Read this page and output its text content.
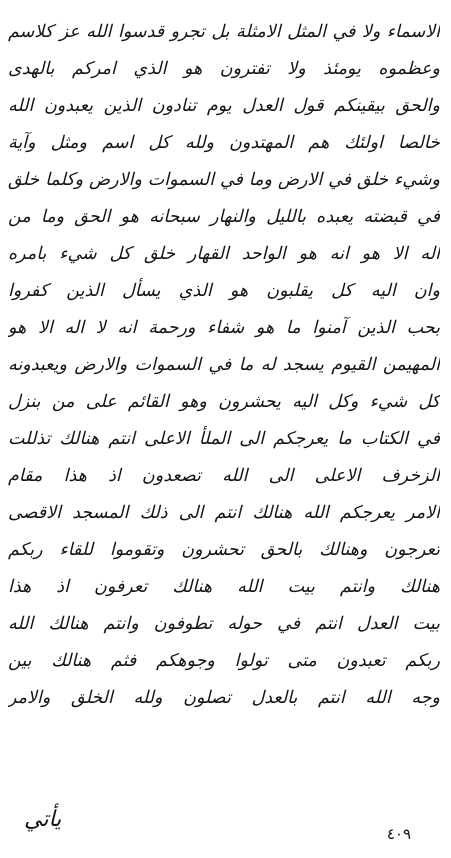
الاسماء ولا في المثل الامثلة بل تجرو قدسوا الله عز كلاسم
وعظموه يومئذ ولا تفترون هو الذي امركم بالهدى
والحق بيقينكم قول العدل يوم تنادون الذين يعبدون الله
خالصا اولئك هم المهتدون ولله كل اسم ومثل وآية
وشيء خلق في الارض وما في السموات والارض وكلما خلق
في قبضته يعبده بالليل والنهار سبحانه هو الحق وما من
اله الا هو انه هو الواحد القهار خلق كل شيء بامره
وان اليه كل يقلبون هو الذي يسأل الذين كفروا
بحب الذين آمنوا ما هو شفاء ورحمة انه لا اله الا هو
المهيمن القيوم يسجد له ما في السموات والارض ويعبدونه
كل شيء وكل اليه يحشرون وهو القائم على من بنزل
في الكتاب ما يعرجكم الى الملأ الاعلى انتم هنالك تذللت
الزخرف الاعلى الى الله تصعدون اذ هذا مقام
الامر يعرجكم الله هنالك انتم الى ذلك المسجد الاقصى
تعرجون وهنالك بالحق تحشرون وتقوموا للقاء ربكم
هنالك وانتم بيت الله هنالك تعرفون اذ هذا
بيت العدل انتم في حوله تطوفون وانتم هنالك الله
ربكم تعبدون متى تولوا وجوهكم فثم هنالك بين
وجه الله انتم بالعدل تصلون ولله الخلق والامر
يأتي
٤٠٩
